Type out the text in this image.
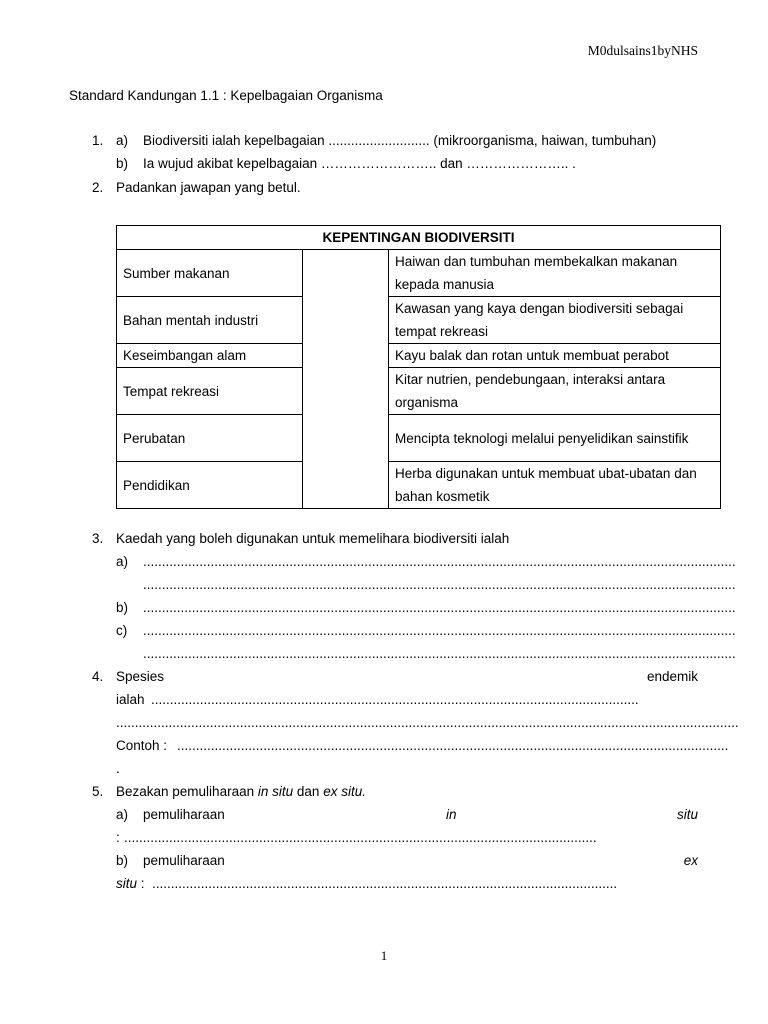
M0dulsains1byNHS
Standard Kandungan 1.1 : Kepelbagaian Organisma
1. a) Biodiversiti ialah kepelbagaian ........................... (mikroorganisma, haiwan, tumbuhan)
b) Ia wujud akibat kepelbagaian …………………….. dan ………………….. .
2. Padankan jawapan yang betul.
KEPENTINGAN BIODIVERSITI		
Sumber makanan		Haiwan dan tumbuhan membekalkan makanan kepada manusia
Bahan mentah industri		Kawasan yang kaya dengan biodiversiti sebagai tempat rekreasi
Keseimbangan alam		Kayu balak dan rotan untuk membuat perabot
Tempat rekreasi		Kitar nutrien, pendebungaan, interaksi antara organisma
Perubatan		Mencipta teknologi melalui penyelidikan sainstifik
Pendidikan		Herba digunakan untuk membuat ubat-ubatan dan bahan kosmetik
3. Kaedah yang boleh digunakan untuk memelihara biodiversiti ialah
a) ..............................................................................................................................................................
..............................................................................................................................................................
b) ..............................................................................................................................................................
c) ..............................................................................................................................................................
..............................................................................................................................................................
4. Spesies	endemik
ialah ..................................................................................................................................
......................................................................................................................................................................
Contoh : ...................................................................................................................................................
.
5. Bezakan pemuliharaan in situ dan ex situ.
a) pemuliharaan	in	situ
: ..............................................................................................................................
b) pemuliharaan	ex
situ : ............................................................................................................................
1
